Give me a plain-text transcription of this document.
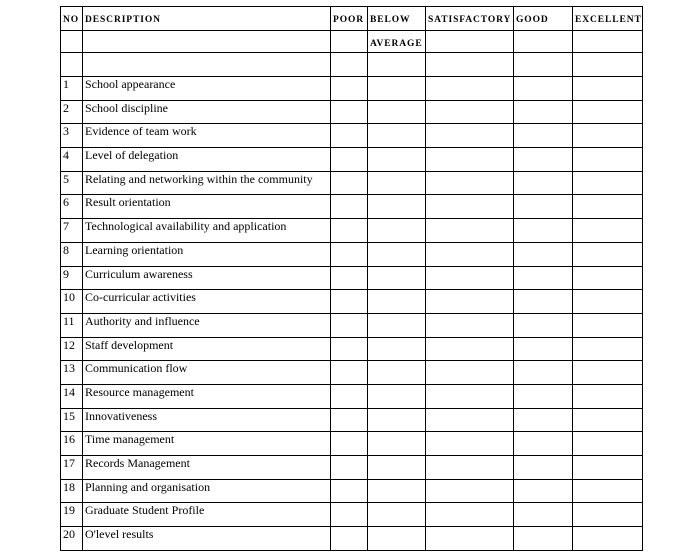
NO	DESCRIPTION	POOR	BELOW	SATISFACTORY	GOOD	EXCELLENT

			AVERAGE			

1	School appearance					

2	School discipline					

3	Evidence of team work					

4	Level of delegation					

5	Relating and networking within the community					

6	Result orientation					

7	Technological availability and application					

8	Learning orientation					

9	Curriculum awareness					

10	Co-curricular activities					

11	Authority and influence					

12	Staff development					

13	Communication flow					

14	Resource management					

15	Innovativeness					

16	Time management					

17	Records Management					

18	Planning and organisation					

19	Graduate Student Profile					

20	O'level results					
